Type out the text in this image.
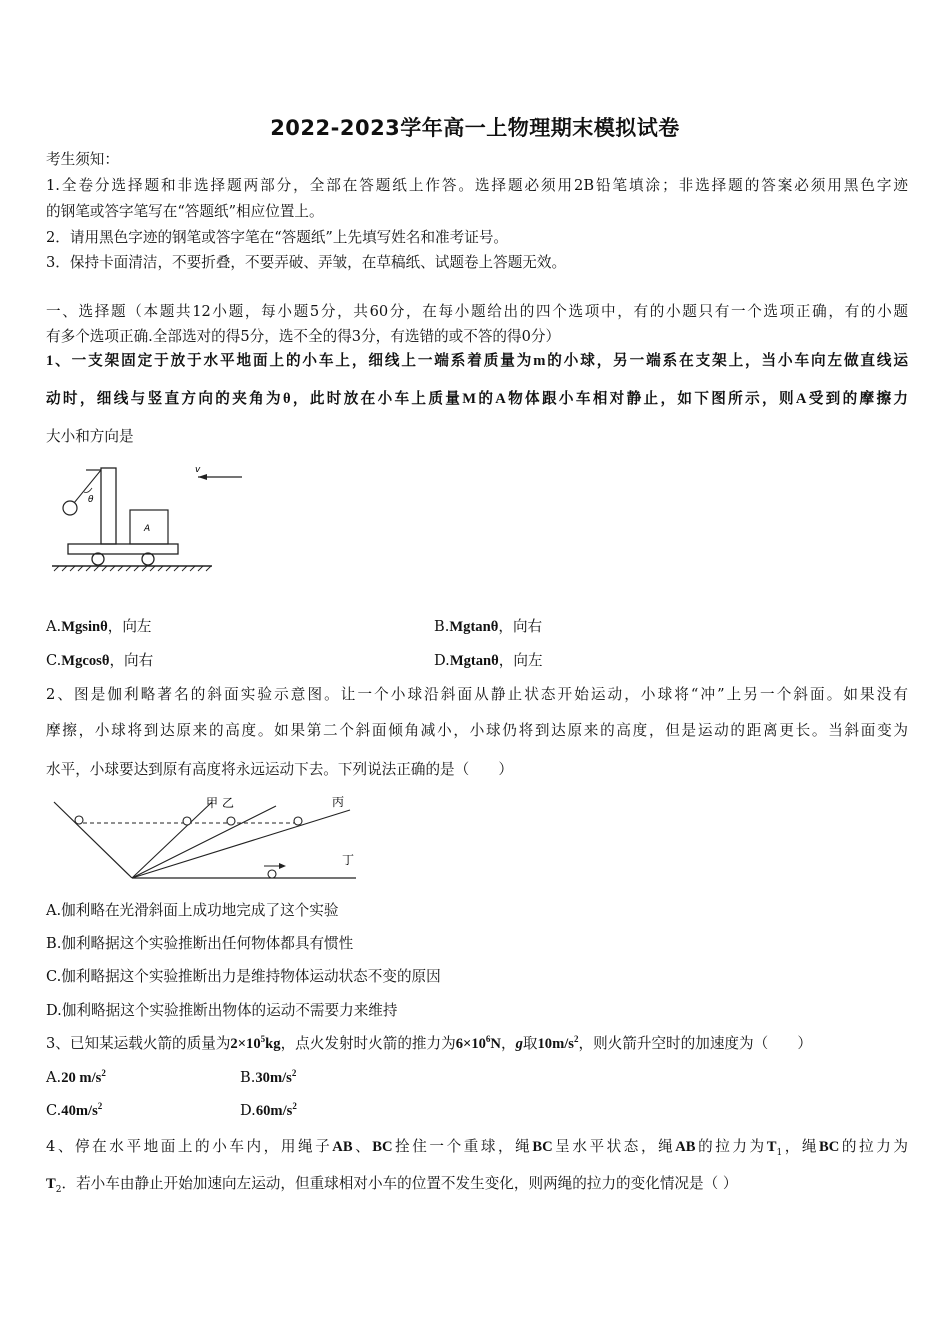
2022-2023学年高一上物理期末模拟试卷
考生须知：
1.全卷分选择题和非选择题两部分，全部在答题纸上作答。选择题必须用2B铅笔填涂；非选择题的答案必须用黑色字迹
的钢笔或答字笔写在“答题纸”相应位置上。
2．请用黑色字迹的钢笔或答字笔在“答题纸”上先填写姓名和准考证号。
3．保持卡面清洁，不要折叠，不要弄破、弄皱，在草稿纸、试题卷上答题无效。
一、选择题（本题共12小题，每小题5分，共60分，在每小题给出的四个选项中，有的小题只有一个选项正确，有的小题
有多个选项正确.全部选对的得5分，选不全的得3分，有选错的或不答的得0分）
1、一支架固定于放于水平地面上的小车上，细线上一端系着质量为m的小球，另一端系在支架上，当小车向左做直线运
动时，细线与竖直方向的夹角为θ，此时放在小车上质量M的A物体跟小车相对静止，如下图所示，则A受到的摩擦力
大小和方向是
v
θ
A
A.Mgsinθ，向左	B.Mgtanθ，向右
C.Mgcosθ，向右	D.Mgtanθ，向左
2、图是伽利略著名的斜面实验示意图。让一个小球沿斜面从静止状态开始运动，小球将“冲”上另一个斜面。如果没有
摩擦，小球将到达原来的高度。如果第二个斜面倾角减小，小球仍将到达原来的高度，但是运动的距离更长。当斜面变为
水平，小球要达到原有高度将永远运动下去。下列说法正确的是（　　）
甲 乙	丙
丁
A.伽利略在光滑斜面上成功地完成了这个实验
B.伽利略据这个实验推断出任何物体都具有惯性
C.伽利略据这个实验推断出力是维持物体运动状态不变的原因
D.伽利略据这个实验推断出物体的运动不需要力来维持
3、已知某运载火箭的质量为$2\times 10^5kg$，点火发射时火箭的推力为$6\times 10^6N$，g取$10m/s^2$，则火箭升空时的加速度为（　　）
A.20 $m/s^2$	$B.30m/s^2$
$C.40m/s^2$	$D.60m/s^2$
4、停在水平地面上的小车内，用绳子AB、BC拴住一个重球，绳BC呈水平状态，绳AB的拉力为$T_1$，绳BC的拉力为
$T_2$．若小车由静止开始加速向左运动，但重球相对小车的位置不发生变化，则两绳的拉力的变化情况是（ ）
